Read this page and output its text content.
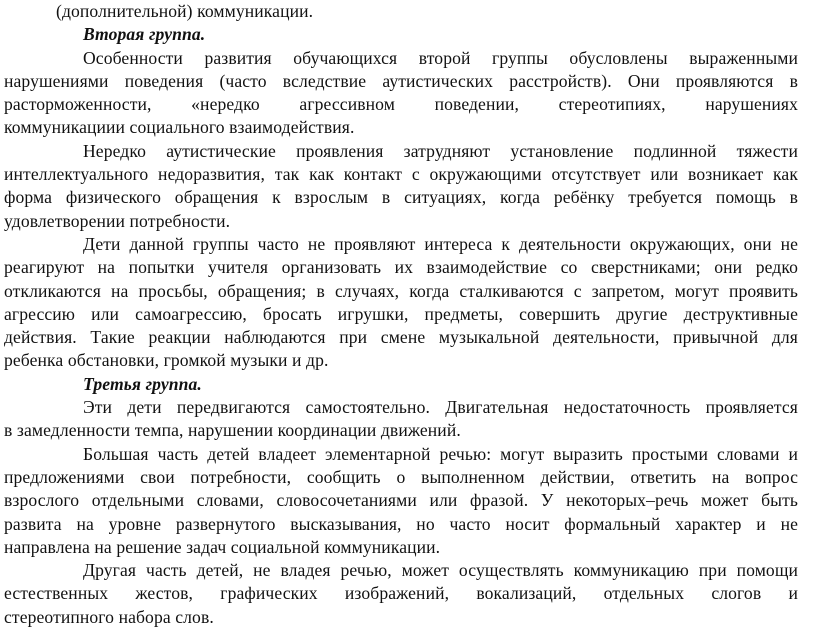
(дополнительной) коммуникации.
Вторая группа.
Особенности развития обучающихся второй группы обусловлены выраженными
нарушениями поведения (часто вследствие аутистических расстройств). Они проявляются в
расторможенности, «нередко агрессивном поведении, стереотипиях, нарушениях
коммуникациии социального взаимодействия.
Нередко аутистические проявления затрудняют установление подлинной тяжести
интеллектуального недоразвития, так как контакт с окружающими отсутствует или возникает как
форма физического обращения к взрослым в ситуациях, когда ребёнку требуется помощь в
удовлетворении потребности.
Дети данной группы часто не проявляют интереса к деятельности окружающих, они не
реагируют на попытки учителя организовать их взаимодействие со сверстниками; они редко
откликаются на просьбы, обращения; в случаях, когда сталкиваются с запретом, могут проявить
агрессию или самоагрессию, бросать игрушки, предметы, совершить другие деструктивные
действия. Такие реакции наблюдаются при смене музыкальной деятельности, привычной для
ребенка обстановки, громкой музыки и др.
Третья группа.
Эти дети передвигаются самостоятельно. Двигательная недостаточность проявляется
в замедленности темпа, нарушении координации движений.
Большая часть детей владеет элементарной речью: могут выразить простыми словами и
предложениями свои потребности, сообщить о выполненном действии, ответить на вопрос
взрослого отдельными словами, словосочетаниями или фразой. У некоторых–речь может быть
развита на уровне развернутого высказывания, но часто носит формальный характер и не
направлена на решение задач социальной коммуникации.
Другая часть детей, не владея речью, может осуществлять коммуникацию при помощи
естественных жестов, графических изображений, вокализаций, отдельных слогов и
стереотипного набора слов.
